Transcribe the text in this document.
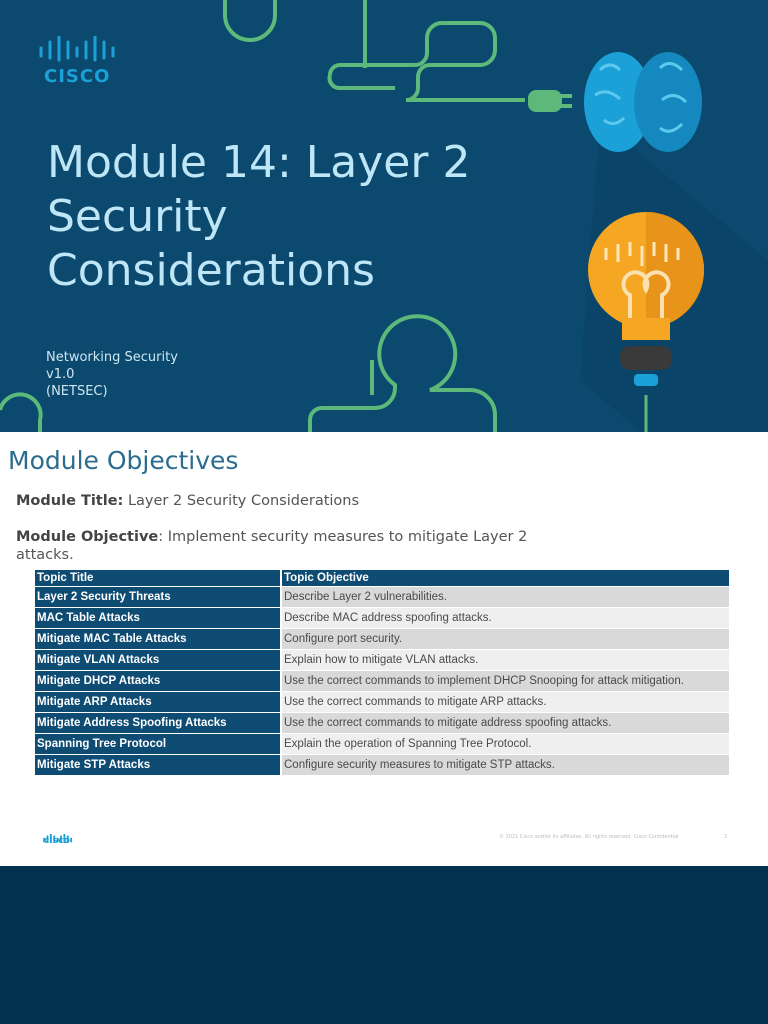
CISCO
Module 14: Layer 2 Security Considerations
Networking Security
v1.0
(NETSEC)
Module Objectives
Module Title: Layer 2 Security Considerations
Module Objective: Implement security measures to mitigate Layer 2 attacks.
Topic Title	Topic Objective
Layer 2 Security Threats	Describe Layer 2 vulnerabilities.
MAC Table Attacks	Describe MAC address spoofing attacks.
Mitigate MAC Table Attacks	Configure port security.
Mitigate VLAN Attacks	Explain how to mitigate VLAN attacks.
Mitigate DHCP Attacks	Use the correct commands to implement DHCP Snooping for attack mitigation.
Mitigate ARP Attacks	Use the correct commands to mitigate ARP attacks.
Mitigate Address Spoofing Attacks	Use the correct commands to mitigate address spoofing attacks.
Spanning Tree Protocol	Explain the operation of Spanning Tree Protocol.
Mitigate STP Attacks	Configure security measures to mitigate STP attacks.
CISCO	© 2021 Cisco and/or its affiliates. All rights reserved. Cisco Confidential	2
